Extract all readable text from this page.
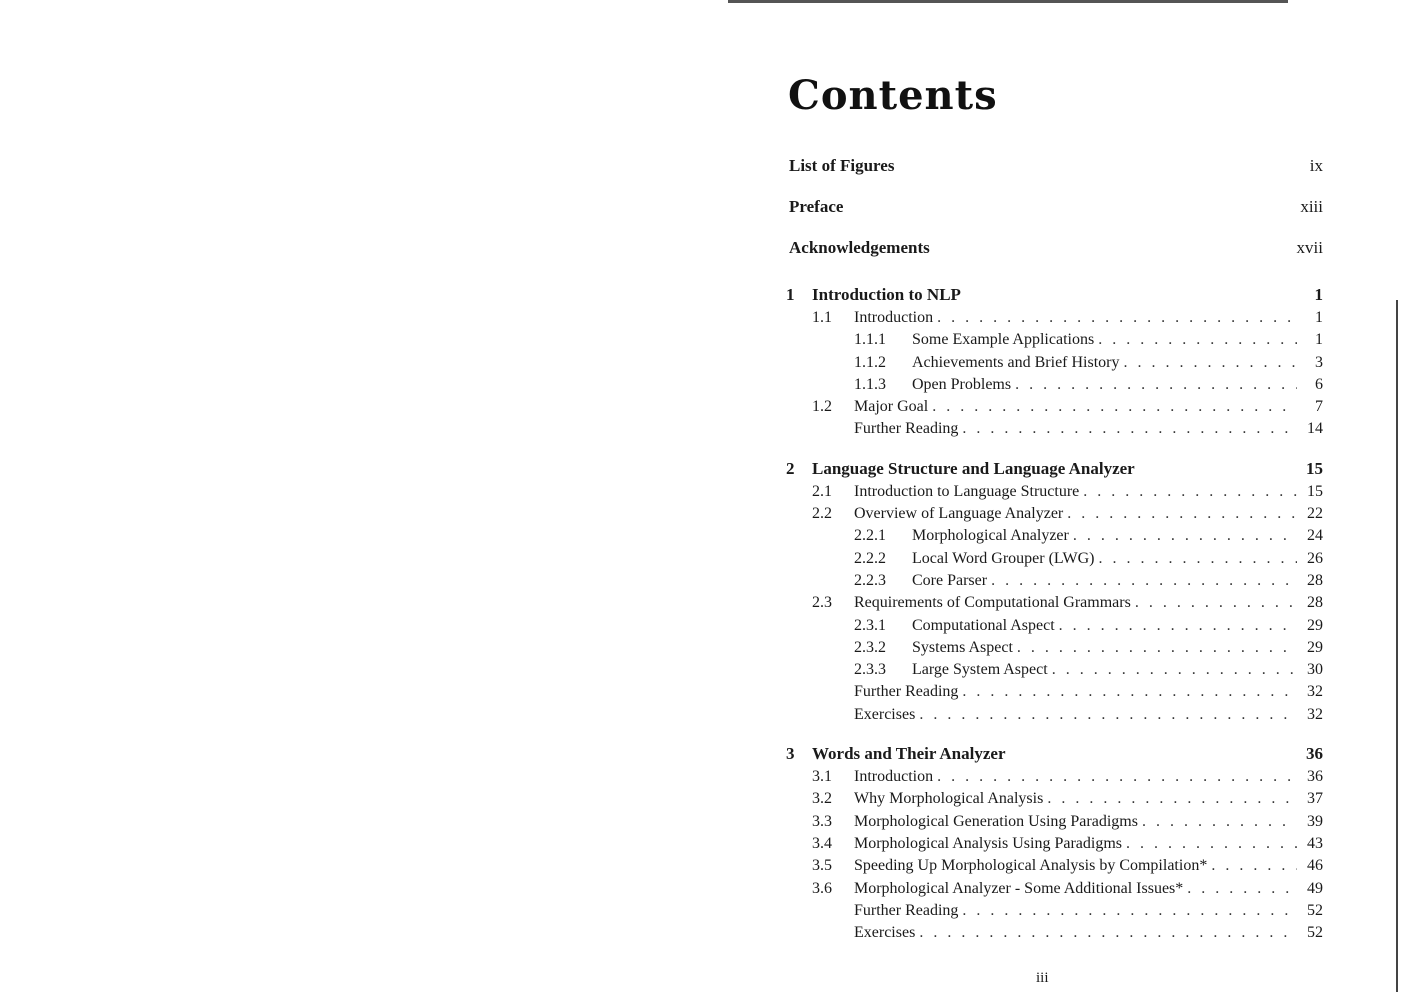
Contents
List of Figures	ix
Preface	xiii
Acknowledgements	xvii
1	Introduction to NLP	1
1.1	Introduction . . .	1
1.1.1	Some Example Applications . . .	1
1.1.2	Achievements and Brief History . . .	3
1.1.3	Open Problems . . .	6
1.2	Major Goal . . .	7
Further Reading . . .	14
2	Language Structure and Language Analyzer	15
2.1	Introduction to Language Structure . . .	15
2.2	Overview of Language Analyzer . . .	22
2.2.1	Morphological Analyzer . . .	24
2.2.2	Local Word Grouper (LWG) . . .	26
2.2.3	Core Parser . . .	28
2.3	Requirements of Computational Grammars . . .	28
2.3.1	Computational Aspect . . .	29
2.3.2	Systems Aspect . . .	29
2.3.3	Large System Aspect . . .	30
Further Reading . . .	32
Exercises . . .	32
3	Words and Their Analyzer	36
3.1	Introduction . . .	36
3.2	Why Morphological Analysis . . .	37
3.3	Morphological Generation Using Paradigms . . .	39
3.4	Morphological Analysis Using Paradigms . . .	43
3.5	Speeding Up Morphological Analysis by Compilation* . . .	46
3.6	Morphological Analyzer - Some Additional Issues* . . .	49
Further Reading . . .	52
Exercises . . .	52
iii
